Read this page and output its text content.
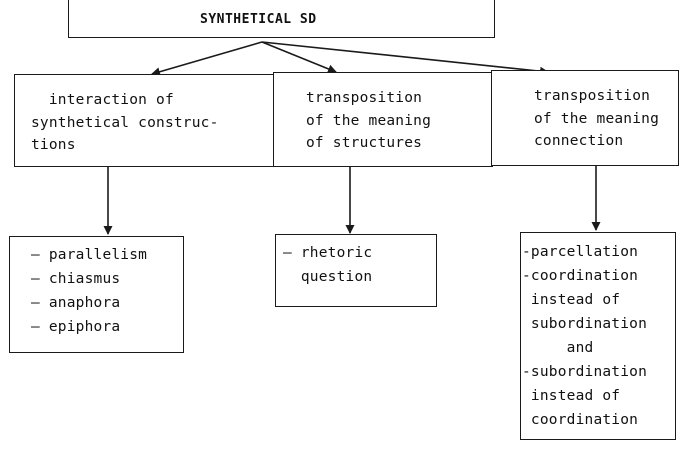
SYNTHETICAL SD
interaction of
synthetical construc-
tions
transposition
of the meaning
of structures
transposition
of the meaning
connection
— parallelism
— chiasmus
— anaphora
— epiphora
— rhetoric
question
-parcellation
-coordination
instead of
subordination
and
-subordination
instead of
coordination
